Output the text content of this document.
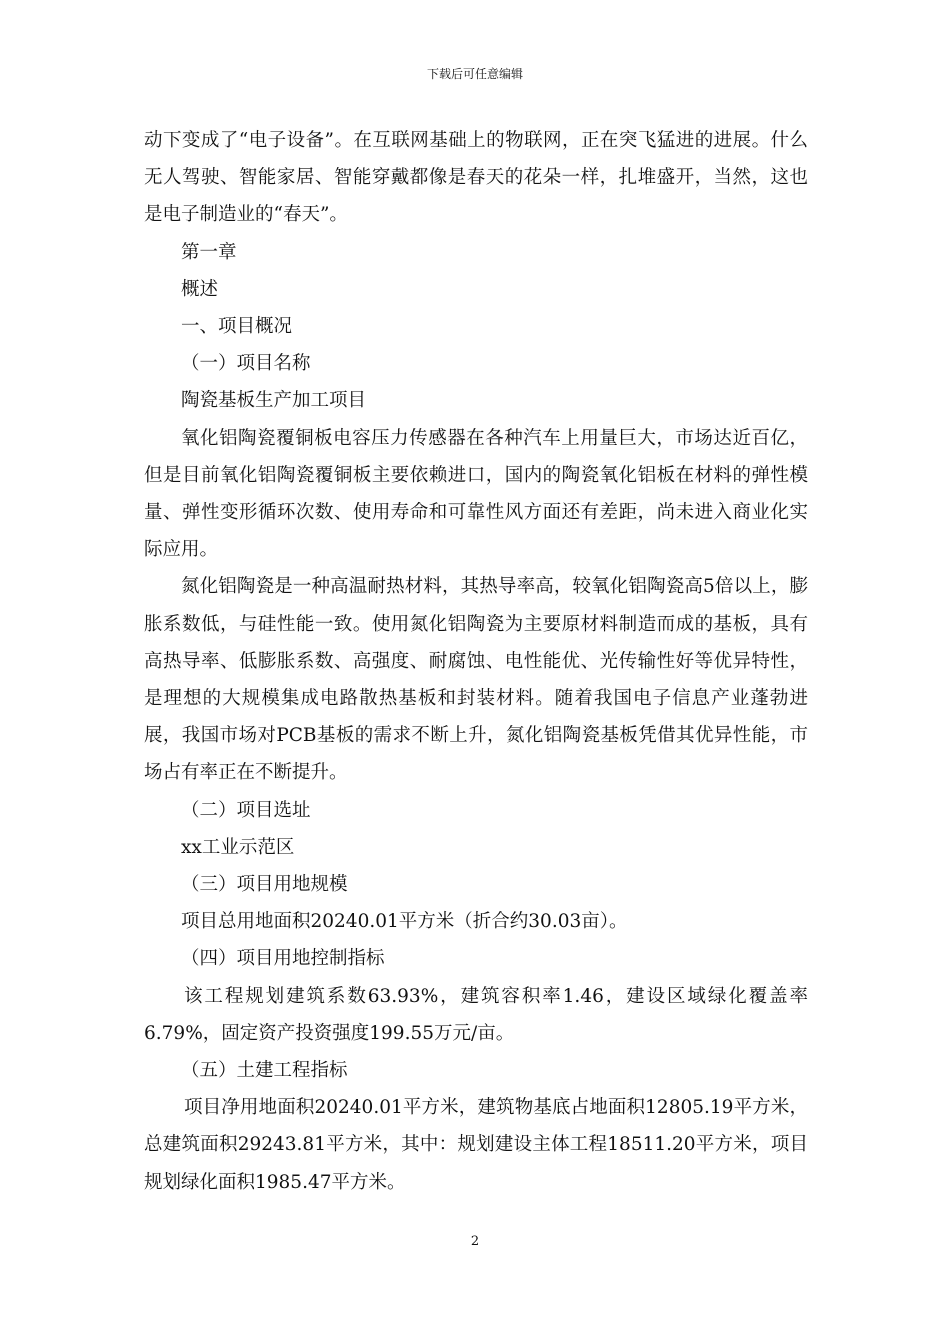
下载后可任意编辑

动下变成了“电子设备”。在互联网基础上的物联网，正在突飞猛进的进展。什么无人驾驶、智能家居、智能穿戴都像是春天的花朵一样，扎堆盛开，当然，这也是电子制造业的“春天”。

第一章

概述

一、项目概况

（一）项目名称

陶瓷基板生产加工项目

氧化铝陶瓷覆铜板电容压力传感器在各种汽车上用量巨大，市场达近百亿，但是目前氧化铝陶瓷覆铜板主要依赖进口，国内的陶瓷氧化铝板在材料的弹性模量、弹性变形循环次数、使用寿命和可靠性风方面还有差距，尚未进入商业化实际应用。

氮化铝陶瓷是一种高温耐热材料，其热导率高，较氧化铝陶瓷高5倍以上，膨胀系数低，与硅性能一致。使用氮化铝陶瓷为主要原材料制造而成的基板，具有高热导率、低膨胀系数、高强度、耐腐蚀、电性能优、光传输性好等优异特性，是理想的大规模集成电路散热基板和封装材料。随着我国电子信息产业蓬勃进展，我国市场对PCB基板的需求不断上升，氮化铝陶瓷基板凭借其优异性能，市场占有率正在不断提升。

（二）项目选址

xx工业示范区

（三）项目用地规模

项目总用地面积20240.01平方米（折合约30.03亩）。

（四）项目用地控制指标

该工程规划建筑系数63.93%，建筑容积率1.46，建设区域绿化覆盖率6.79%，固定资产投资强度199.55万元/亩。

（五）土建工程指标

项目净用地面积20240.01平方米，建筑物基底占地面积12805.19平方米，总建筑面积29243.81平方米，其中：规划建设主体工程18511.20平方米，项目规划绿化面积1985.47平方米。

2
